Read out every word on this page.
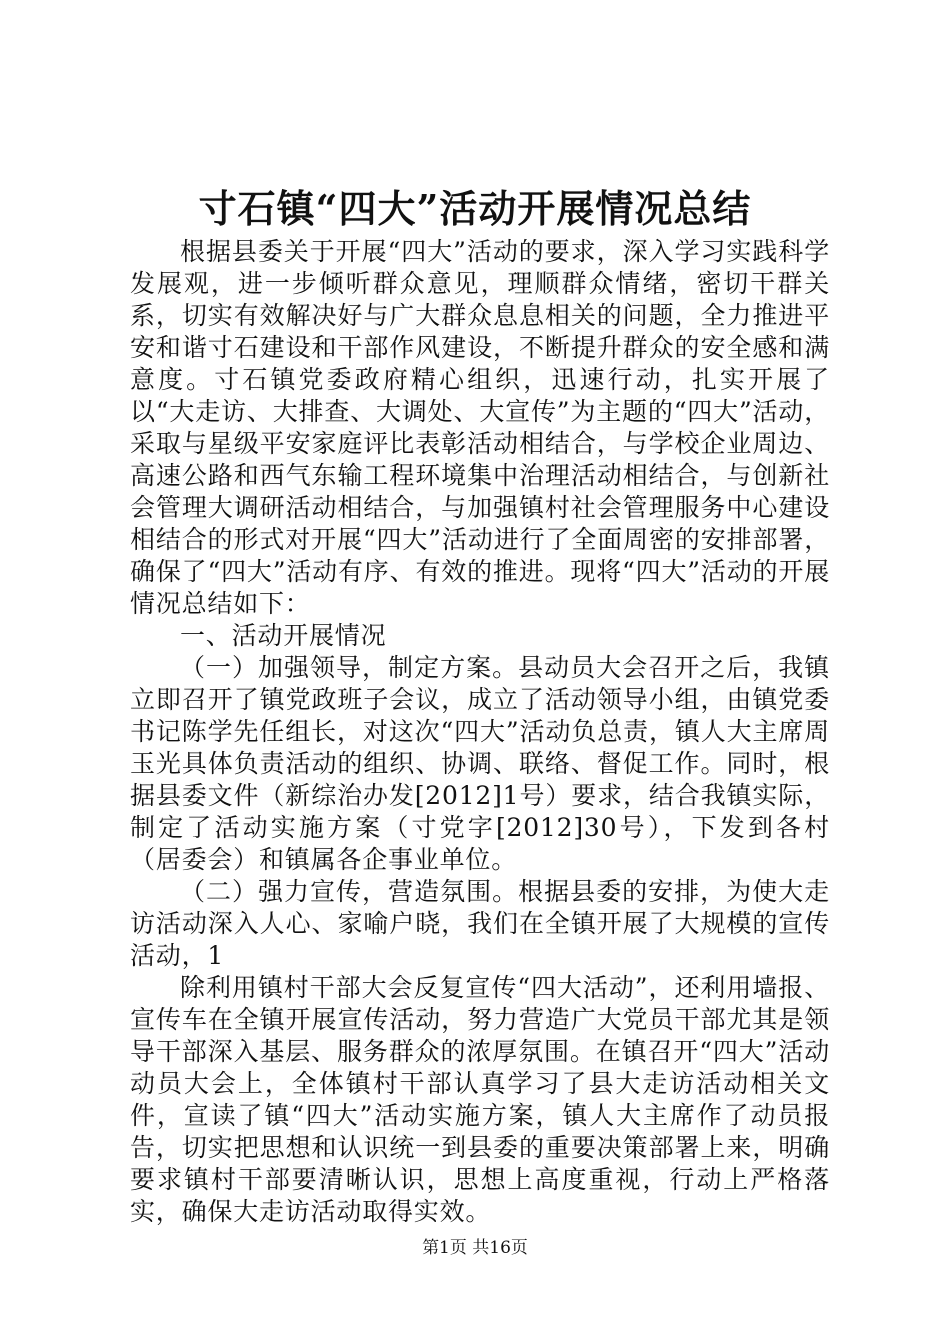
寸石镇“四大”活动开展情况总结

根据县委关于开展“四大”活动的要求，深入学习实践科学发展观，进一步倾听群众意见，理顺群众情绪，密切干群关系，切实有效解决好与广大群众息息相关的问题，全力推进平安和谐寸石建设和干部作风建设，不断提升群众的安全感和满意度。寸石镇党委政府精心组织，迅速行动，扎实开展了以“大走访、大排查、大调处、大宣传”为主题的“四大”活动，采取与星级平安家庭评比表彰活动相结合，与学校企业周边、高速公路和西气东输工程环境集中治理活动相结合，与创新社会管理大调研活动相结合，与加强镇村社会管理服务中心建设相结合的形式对开展“四大”活动进行了全面周密的安排部署，确保了“四大”活动有序、有效的推进。现将“四大”活动的开展情况总结如下：

一、活动开展情况

（一）加强领导，制定方案。县动员大会召开之后，我镇立即召开了镇党政班子会议，成立了活动领导小组，由镇党委书记陈学先任组长，对这次“四大”活动负总责，镇人大主席周玉光具体负责活动的组织、协调、联络、督促工作。同时，根据县委文件（新综治办发[2012]1号）要求，结合我镇实际，制定了活动实施方案（寸党字[2012]30号），下发到各村（居委会）和镇属各企事业单位。

（二）强力宣传，营造氛围。根据县委的安排，为使大走访活动深入人心、家喻户晓，我们在全镇开展了大规模的宣传活动，1

除利用镇村干部大会反复宣传“四大活动”，还利用墙报、宣传车在全镇开展宣传活动，努力营造广大党员干部尤其是领导干部深入基层、服务群众的浓厚氛围。在镇召开“四大”活动动员大会上，全体镇村干部认真学习了县大走访活动相关文件，宣读了镇“四大”活动实施方案，镇人大主席作了动员报告，切实把思想和认识统一到县委的重要决策部署上来，明确要求镇村干部要清晰认识，思想上高度重视，行动上严格落实，确保大走访活动取得实效。

第1页 共16页
